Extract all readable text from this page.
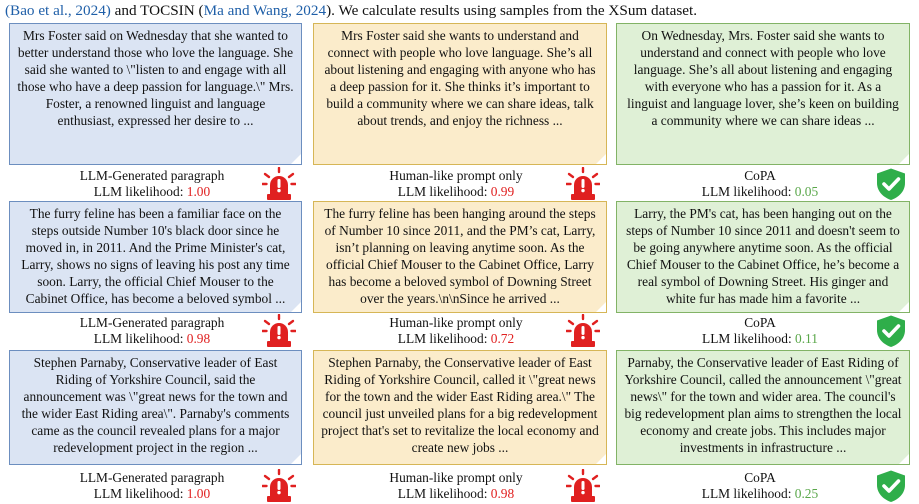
(Bao et al., 2024) and TOCSIN (Ma and Wang, 2024). We calculate results using samples from the XSum dataset.
Mrs Foster said on Wednesday that she wanted to better understand those who love the language. She said she wanted to \"listen to and engage with all those who have a deep passion for language.\" Mrs. Foster, a renowned linguist and language enthusiast, expressed her desire to ...
LLM-Generated paragraph
LLM likelihood: 1.00
Mrs Foster said she wants to understand and connect with people who love language. She’s all about listening and engaging with anyone who has a deep passion for it. She thinks it’s important to build a community where we can share ideas, talk about trends, and enjoy the richness ...
Human-like prompt only
LLM likelihood: 0.99
On Wednesday, Mrs. Foster said she wants to understand and connect with people who love language. She’s all about listening and engaging with everyone who has a passion for it. As a linguist and language lover, she’s keen on building a community where we can share ideas ...
CoPA
LLM likelihood: 0.05
The furry feline has been a familiar face on the steps outside Number 10's black door since he moved in, in 2011. And the Prime Minister's cat, Larry, shows no signs of leaving his post any time soon. Larry, the official Chief Mouser to the Cabinet Office, has become a beloved symbol ...
LLM-Generated paragraph
LLM likelihood: 0.98
The furry feline has been hanging around the steps of Number 10 since 2011, and the PM’s cat, Larry, isn’t planning on leaving anytime soon. As the official Chief Mouser to the Cabinet Office, Larry has become a beloved symbol of Downing Street over the years.\n\nSince he arrived ...
Human-like prompt only
LLM likelihood: 0.72
Larry, the PM's cat, has been hanging out on the steps of Number 10 since 2011 and doesn't seem to be going anywhere anytime soon. As the official Chief Mouser to the Cabinet Office, he’s become a real symbol of Downing Street. His ginger and white fur has made him a favorite ...
CoPA
LLM likelihood: 0.11
Stephen Parnaby, Conservative leader of East Riding of Yorkshire Council, said the announcement was \"great news for the town and the wider East Riding area\". Parnaby's comments came as the council revealed plans for a major redevelopment project in the region ...
LLM-Generated paragraph
LLM likelihood: 1.00
Stephen Parnaby, the Conservative leader of East Riding of Yorkshire Council, called it \"great news for the town and the wider East Riding area.\" The council just unveiled plans for a big redevelopment project that's set to revitalize the local economy and create new jobs ...
Human-like prompt only
LLM likelihood: 0.98
Parnaby, the Conservative leader of East Riding of Yorkshire Council, called the announcement \"great news\" for the town and wider area. The council's big redevelopment plan aims to strengthen the local economy and create jobs. This includes major investments in infrastructure ...
CoPA
LLM likelihood: 0.25
